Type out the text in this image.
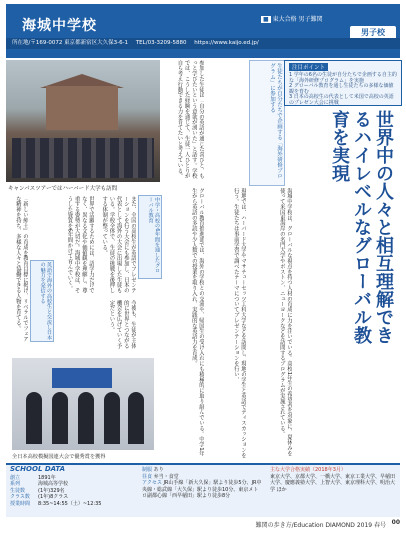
海城中学校	■ 東大合格 男子難関
男子校
所在地/〒169-0072 東京都新宿区大久保3-6-1 TEL/03-3209-5880 https://www.kaijo.ed.jp/
キャンパスツアーではハーバード大学も訪問
生徒たちが自分たちで企画する「海外研修プログラム」に参加する	注目ポイント
1 学年の6名の生徒が自分たちで企画する自主的な「海外研修プログラム」を実施
2 グローバル教育を通し生徒たちの多様な価値観を育む
3 日本の高校生の代表として米国で高校の英語のプレゼン大会に挑戦
世界中の人々と相互理解できるハイレベルなグローバル教育を実現
海城中学校は、グローバルな視点を持つ人材の育成に力を注いでいる。高校1年生の希望者を対象に、夏休みを使って米国東海岸の名門大学やボストン、ニューヨークなどを訪問するプログラムが実施されている。
現地では、ハーバード大学やマサチューセッツ工科大学などを訪問し、現地の学生と英語でディスカッションを行う。生徒たちは事前学習で調べたテーマについてプレゼンテーションを行い、
参加した生徒は「自分の英語が通じた喜びと、もっと学びたいという意欲が湧いた」と話す。学校では、こうした経験を通じて、生徒一人ひとりが自ら考え行動できる力を育てたいと考えている。
中学・高校の6年間を通したグローバル教育	グローバル教育推進部では、海外の学校との交流や、帰国生の受け入れにも積極的に取り組んでいる。中学1年生から英語の多読や少人数での授業を取り入れ、実践的な英語力を育成。
また、全国の高校生が英語でプレゼンテーションを行う大会にも参加し、日本の代表として海外の大会に出場した生徒もいる。学校全体で、生徒の挑戦を後押しする体制が整っている。
世界で活躍するためには、語学力だけでなく、異なる文化や価値観を理解し、尊重する姿勢が大切だ。海城中学校は、そうした資質を6年間かけて育んでいく。
英語で海外の高校生と交流し日本の魅力を発信する
「新しい紳士」の育成を教育目標に掲げ、リベラルでフェアな精神を持ち、多様な人々と協働できる人物を育てる。	今後も、生徒が主体的に世界とつながる機会を広げていく予定だという。
全日本高校模擬国連大会で優秀賞を獲得
SCHOOL DATA
創立	1891年
系列	海城高等学校
生徒数	(1年)329名
クラス数 (1年)8クラス
授業時間 8:35~14:55（土）~12:35
制服 あり
昼食 弁当・食堂
アクセス JR山手線「新大久保」駅より徒歩5分、JR中央線・総武線「大久保」駅より徒歩10分、東京メトロ副都心線「西早稲田」駅より徒歩8分
主な大学合格実績（2018年3月）
東京大学、京都大学、一橋大学、東京工業大学、早稲田大学、慶應義塾大学、上智大学、東京理科大学、明治大学 ほか
難関の歩き方/Education DIAMOND 2019 春号 00
